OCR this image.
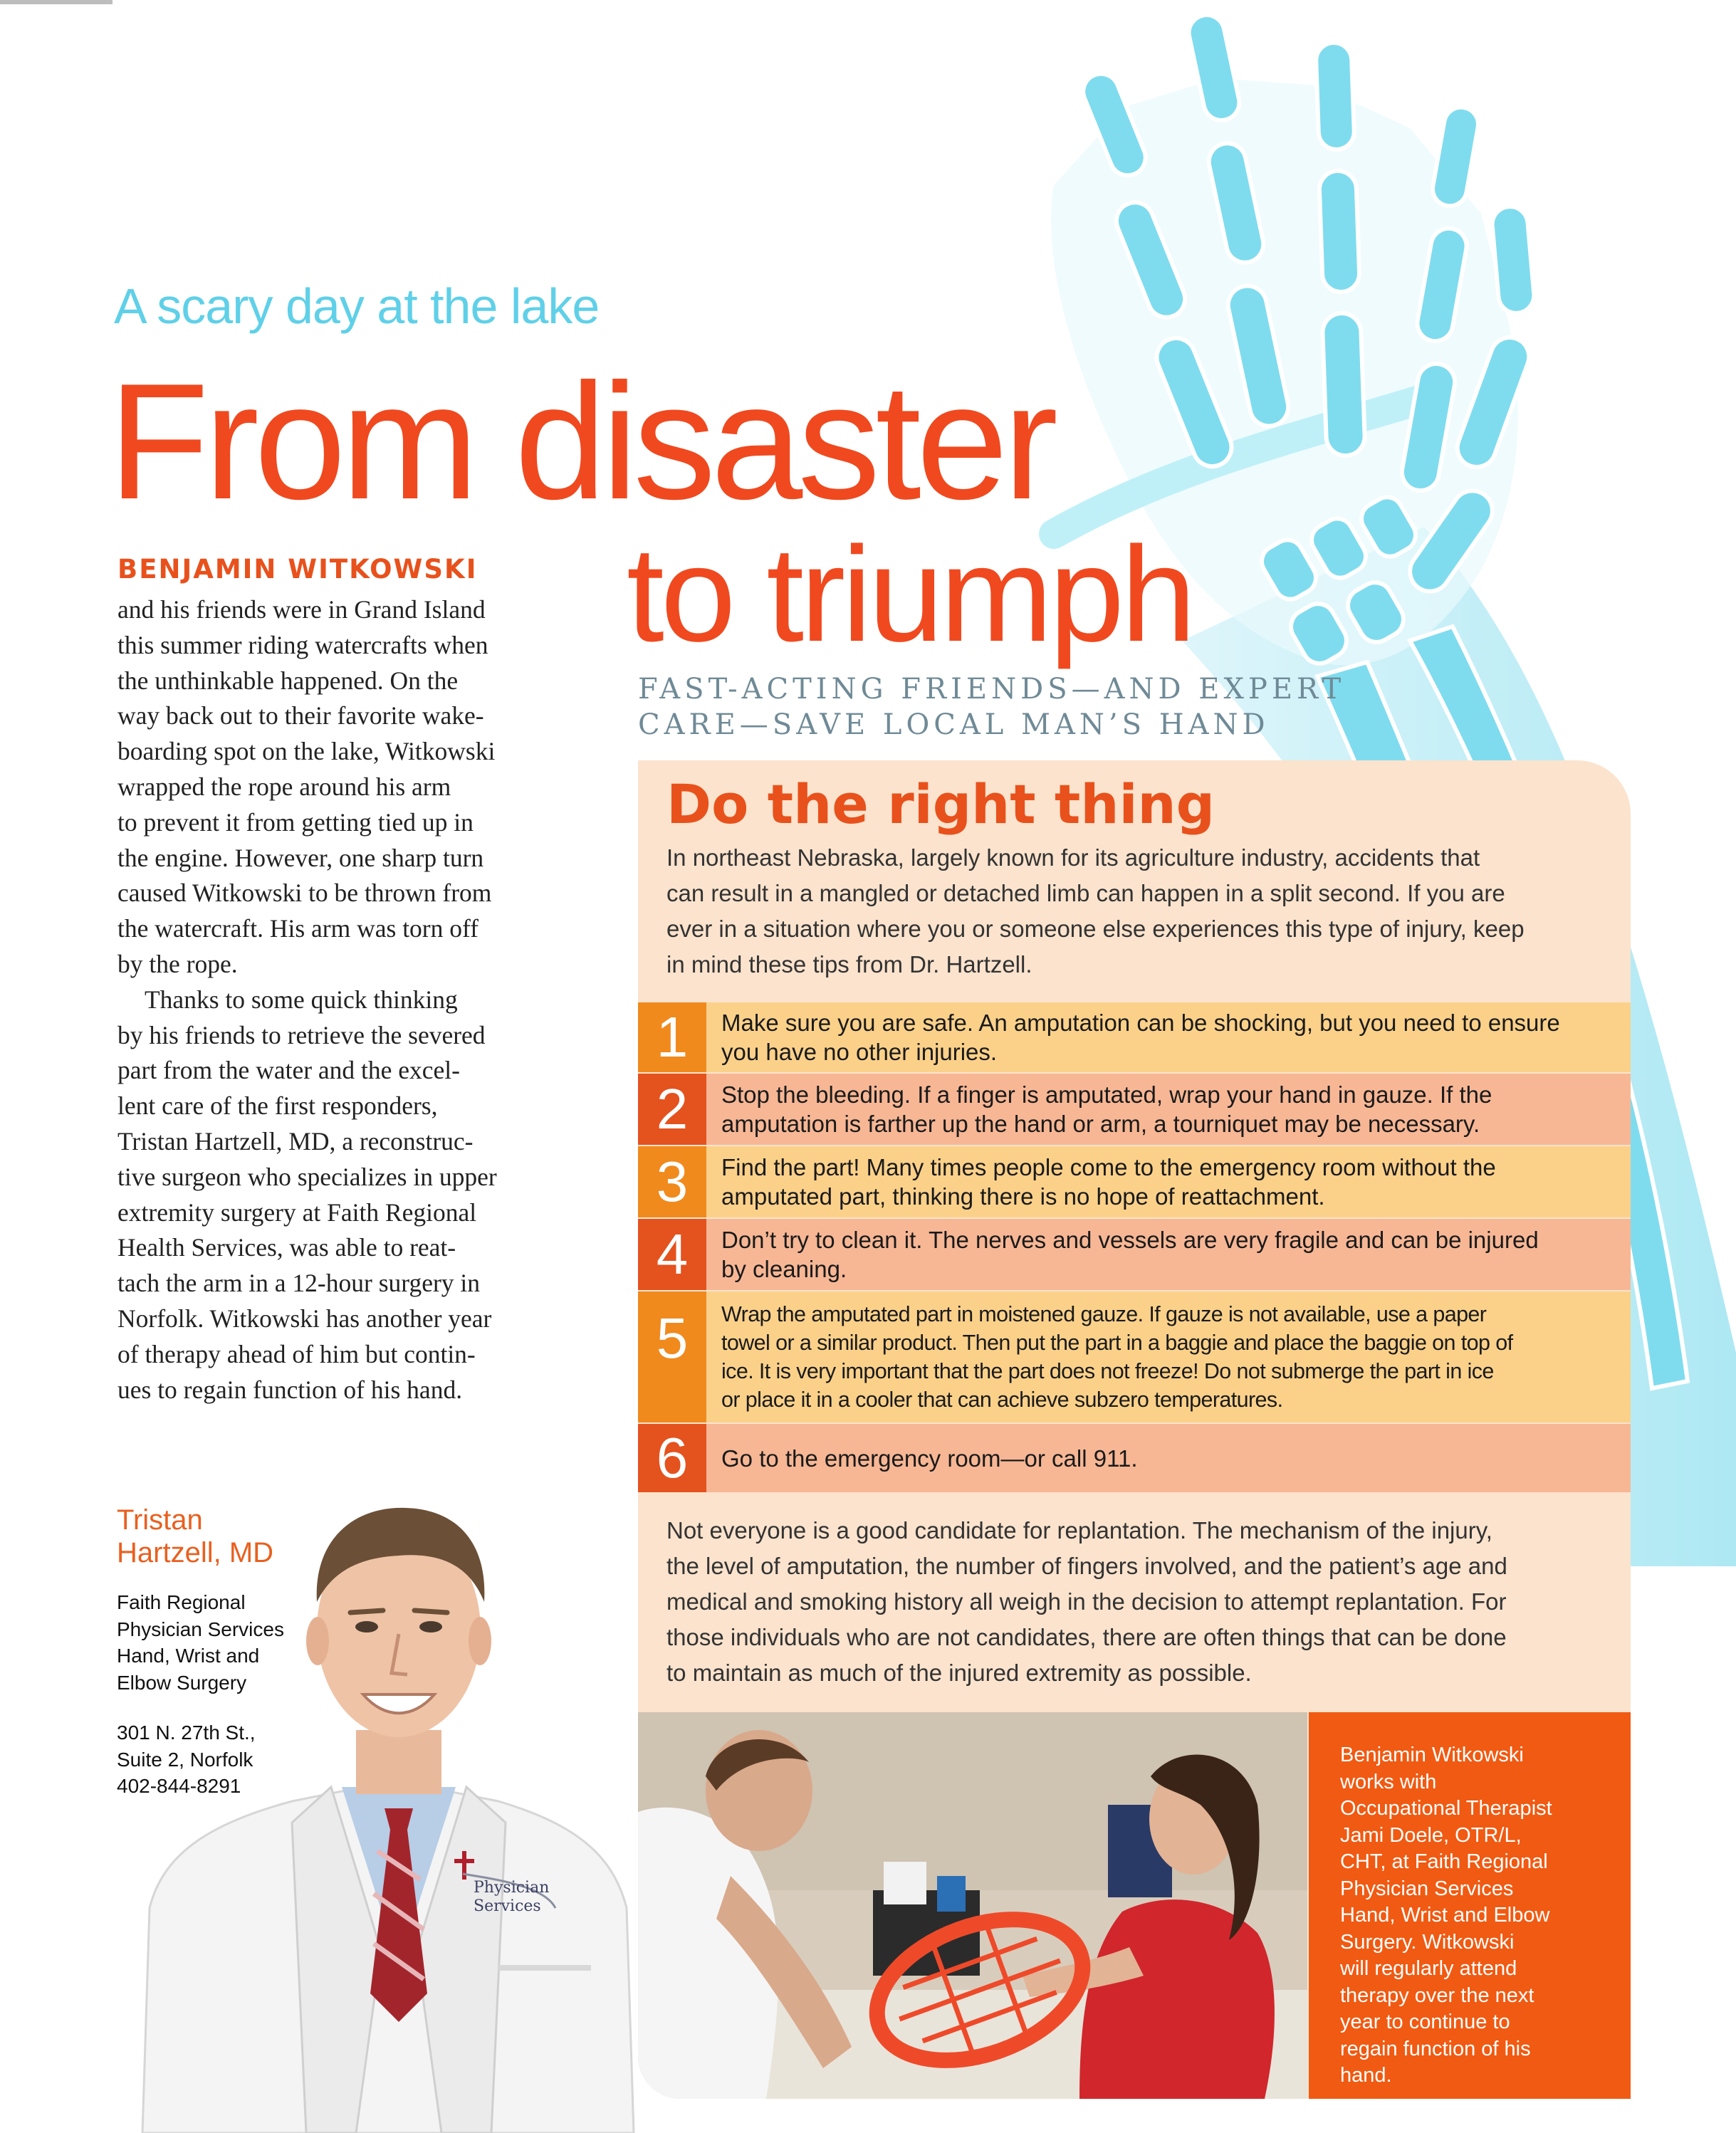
A scary day at the lake
From disaster
to triumph
FAST-ACTING FRIENDS—AND EXPERT
CARE—SAVE LOCAL MAN’S HAND
BENJAMIN WITKOWSKI
and his friends were in Grand Island
this summer riding watercrafts when
the unthinkable happened. On the
way back out to their favorite wake-
boarding spot on the lake, Witkowski
wrapped the rope around his arm
to prevent it from getting tied up in
the engine. However, one sharp turn
caused Witkowski to be thrown from
the watercraft. His arm was torn off
by the rope.
Thanks to some quick thinking
by his friends to retrieve the severed
part from the water and the excel-
lent care of the first responders,
Tristan Hartzell, MD, a reconstruc-
tive surgeon who specializes in upper
extremity surgery at Faith Regional
Health Services, was able to reat-
tach the arm in a 12-hour surgery in
Norfolk. Witkowski has another year
of therapy ahead of him but contin-
ues to regain function of his hand.
Physician
Services
Tristan
Hartzell, MD
Faith Regional
Physician Services
Hand, Wrist and
Elbow Surgery
301 N. 27th St.,
Suite 2, Norfolk
402-844-8291
Do the right thing
In northeast Nebraska, largely known for its agriculture industry, accidents that
can result in a mangled or detached limb can happen in a split second. If you are
ever in a situation where you or someone else experiences this type of injury, keep
in mind these tips from Dr. Hartzell.
1	Make sure you are safe. An amputation can be shocking, but you need to ensure
you have no other injuries.
2	Stop the bleeding. If a finger is amputated, wrap your hand in gauze. If the
amputation is farther up the hand or arm, a tourniquet may be necessary.
3	Find the part! Many times people come to the emergency room without the
amputated part, thinking there is no hope of reattachment.
4	Don’t try to clean it. The nerves and vessels are very fragile and can be injured
by cleaning.
5	Wrap the amputated part in moistened gauze. If gauze is not available, use a paper
towel or a similar product. Then put the part in a baggie and place the baggie on top of
ice. It is very important that the part does not freeze! Do not submerge the part in ice
or place it in a cooler that can achieve subzero temperatures.
6	Go to the emergency room—or call 911.
Not everyone is a good candidate for replantation. The mechanism of the injury,
the level of amputation, the number of fingers involved, and the patient’s age and
medical and smoking history all weigh in the decision to attempt replantation. For
those individuals who are not candidates, there are often things that can be done
to maintain as much of the injured extremity as possible.
Benjamin Witkowski
works with
Occupational Therapist
Jami Doele, OTR/L,
CHT, at Faith Regional
Physician Services
Hand, Wrist and Elbow
Surgery. Witkowski
will regularly attend
therapy over the next
year to continue to
regain function of his
hand.
